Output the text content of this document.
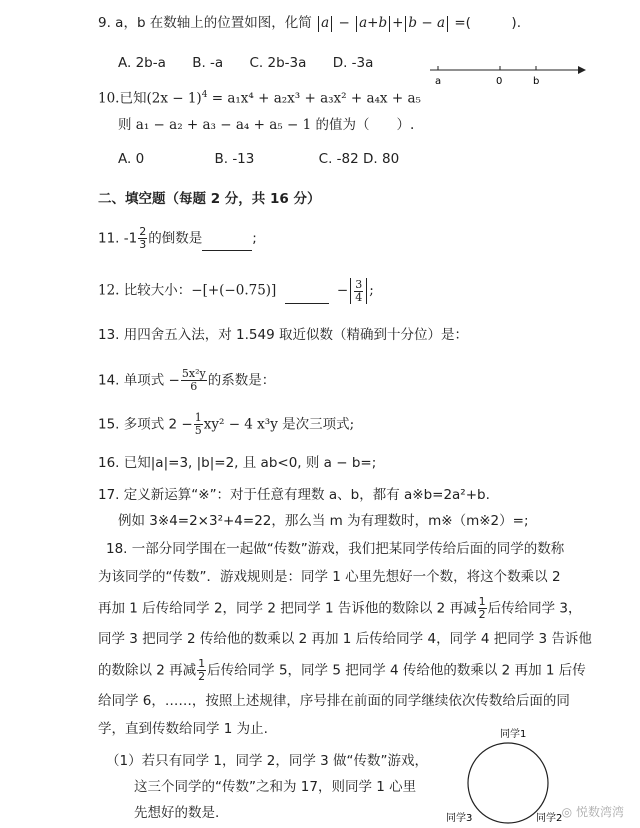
9. a，b 在数轴上的位置如图，化简 a − a+b + b − a =(　　　).
A. 2b-a B. -a C. 2b-3a D. -3a
a	0	b
10.已知$(2x - 1)^4 = a_1x^4 + a_2x^3 + a_3x^2 + a_4x + a_5$
则 a₁ − a₂ + a₃ − a₄ + a₅ − 1 的值为（　　）.
A. 0	B. -13	C. -82 D. 80
二、填空题（每题 2 分，共 16 分）
11. $-1 \frac{2}{3}$ 的倒数是	;
12. 比较大小：−[+(−0.75)]	− $\frac{3}{4}$ ;
13. 用四舍五入法，对 1.549 取近似数（精确到十分位）是：
14. 单项式 − $\frac{\text{5x²y}}{6}$ 的系数是：
15. 多项式 $2 - \frac{1}{5} xy^2 - 4$ x³y 是次三项式;
16. 已知|a|=3, |b|=2, 且 ab<0, 则 a − b=;
17. 定义新运算“※”：对于任意有理数 a、b，都有 a※b=2a²+b.
例如 3※4=2×3²+4=22，那么当 m 为有理数时，m※（m※2）=;
18. 一部分同学围在一起做“传数”游戏，我们把某同学传给后面的同学的数称
为该同学的“传数”．游戏规则是：同学 1 心里先想好一个数，将这个数乘以 2
再加 1 后传给同学 2，同学 2 把同学 1 告诉他的数除以 2 再减 $\frac{1}{2}$ 后传给同学 3，
同学 3 把同学 2 传给他的数乘以 2 再加 1 后传给同学 4，同学 4 把同学 3 告诉他
的数除以 2 再减 $\frac{1}{2}$ 后传给同学 5，同学 5 把同学 4 传给他的数乘以 2 再加 1 后传
给同学 6，……，按照上述规律，序号排在前面的同学继续依次传数给后面的同
学，直到传数给同学 1 为止.
（1）若只有同学 1，同学 2，同学 3 做“传数”游戏，
这三个同学的“传数”之和为 17，则同学 1 心里
先想好的数是.
同学1
同学2
同学3	◎ 悦数湾湾
